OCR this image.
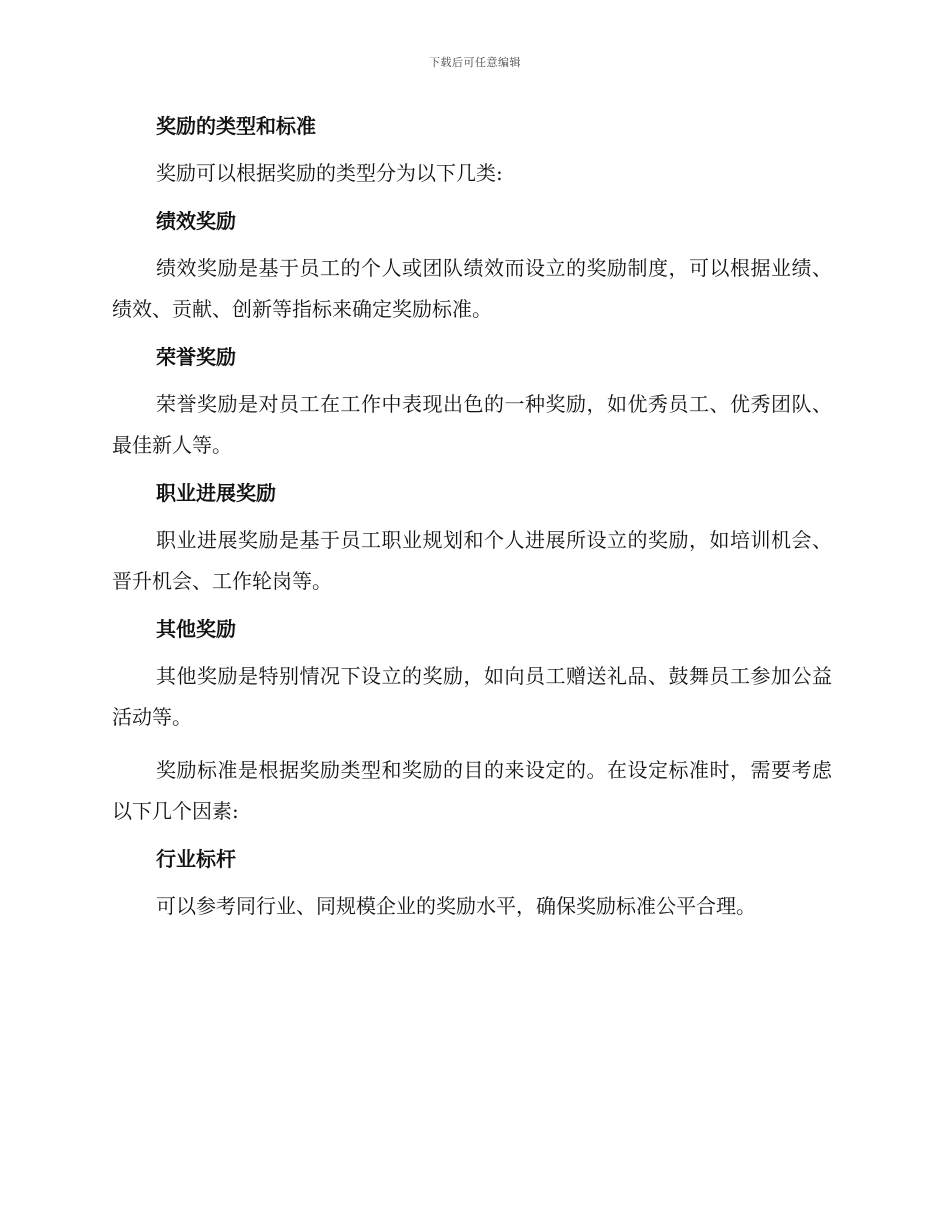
下载后可任意编辑
奖励的类型和标准

奖励可以根据奖励的类型分为以下几类:

绩效奖励

绩效奖励是基于员工的个人或团队绩效而设立的奖励制度，可以根据业绩、绩效、贡献、创新等指标来确定奖励标准。

荣誉奖励

荣誉奖励是对员工在工作中表现出色的一种奖励，如优秀员工、优秀团队、最佳新人等。

职业进展奖励

职业进展奖励是基于员工职业规划和个人进展所设立的奖励，如培训机会、晋升机会、工作轮岗等。

其他奖励

其他奖励是特别情况下设立的奖励，如向员工赠送礼品、鼓舞员工参加公益活动等。

奖励标准是根据奖励类型和奖励的目的来设定的。在设定标准时，需要考虑以下几个因素:

行业标杆

可以参考同行业、同规模企业的奖励水平，确保奖励标准公平合理。
